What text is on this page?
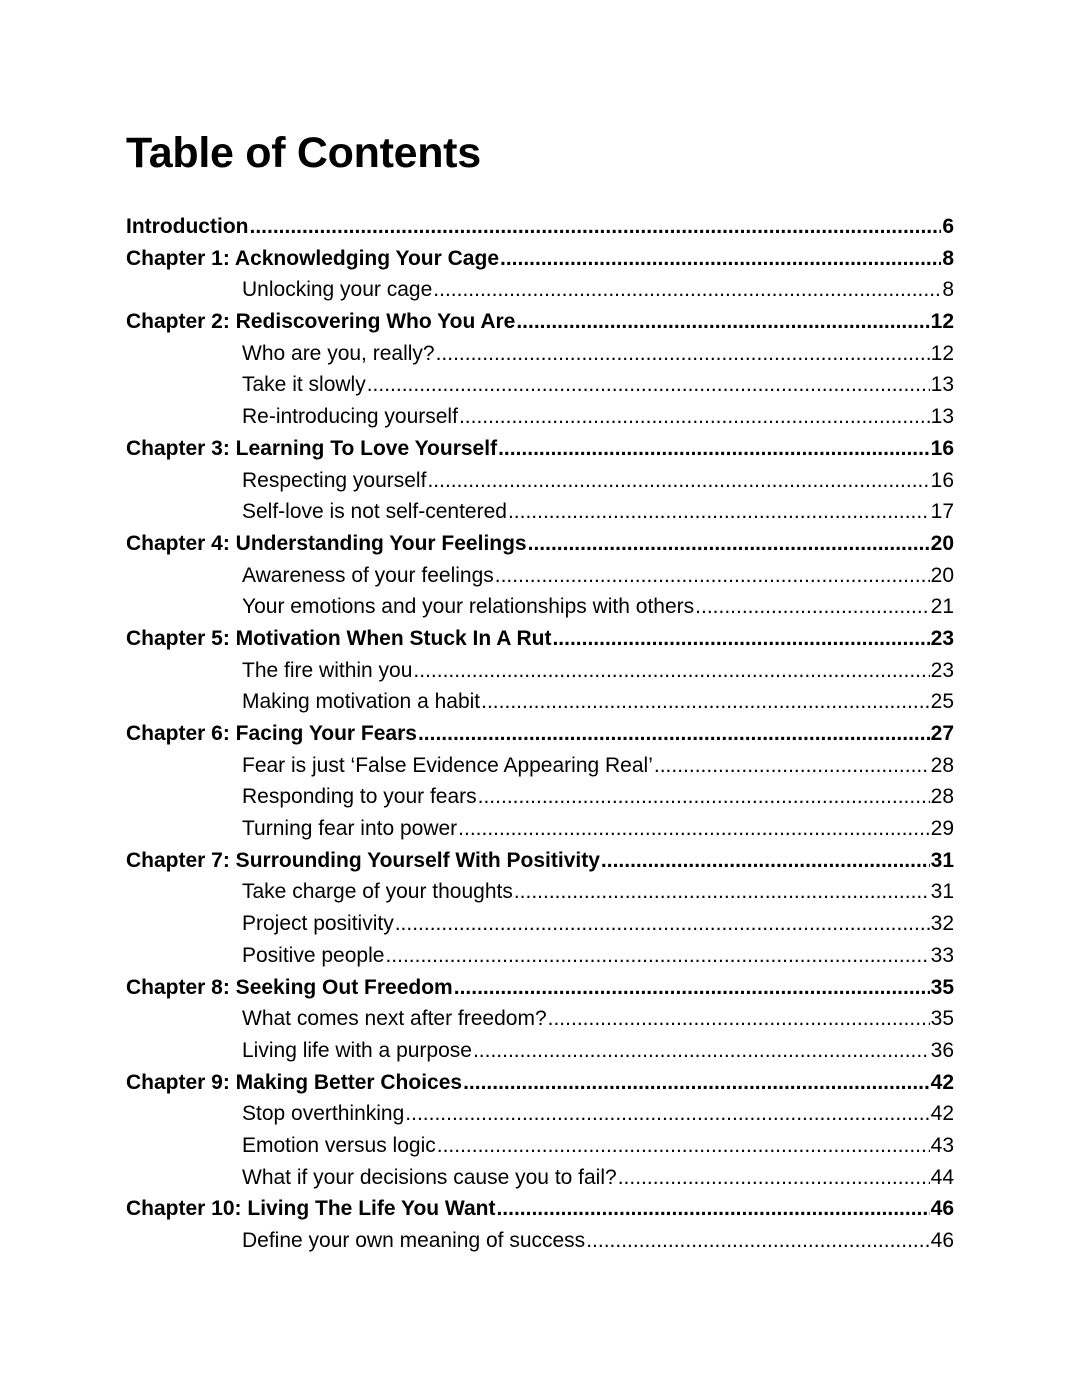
Table of Contents
Introduction .....	6
Chapter 1: Acknowledging Your Cage .....	8
Unlocking your cage .....	8
Chapter 2: Rediscovering Who You Are .....	12
Who are you, really? .....	12
Take it slowly .....	13
Re-introducing yourself .....	13
Chapter 3: Learning To Love Yourself .....	16
Respecting yourself .....	16
Self-love is not self-centered .....	17
Chapter 4: Understanding Your Feelings .....	20
Awareness of your feelings .....	20
Your emotions and your relationships with others .....	21
Chapter 5: Motivation When Stuck In A Rut .....	23
The fire within you .....	23
Making motivation a habit .....	25
Chapter 6: Facing Your Fears .....	27
Fear is just ‘False Evidence Appearing Real’ .....	28
Responding to your fears .....	28
Turning fear into power .....	29
Chapter 7: Surrounding Yourself With Positivity .....	31
Take charge of your thoughts .....	31
Project positivity .....	32
Positive people .....	33
Chapter 8: Seeking Out Freedom .....	35
What comes next after freedom? .....	35
Living life with a purpose .....	36
Chapter 9: Making Better Choices .....	42
Stop overthinking .....	42
Emotion versus logic .....	43
What if your decisions cause you to fail? .....	44
Chapter 10: Living The Life You Want .....	46
Define your own meaning of success .....	46
